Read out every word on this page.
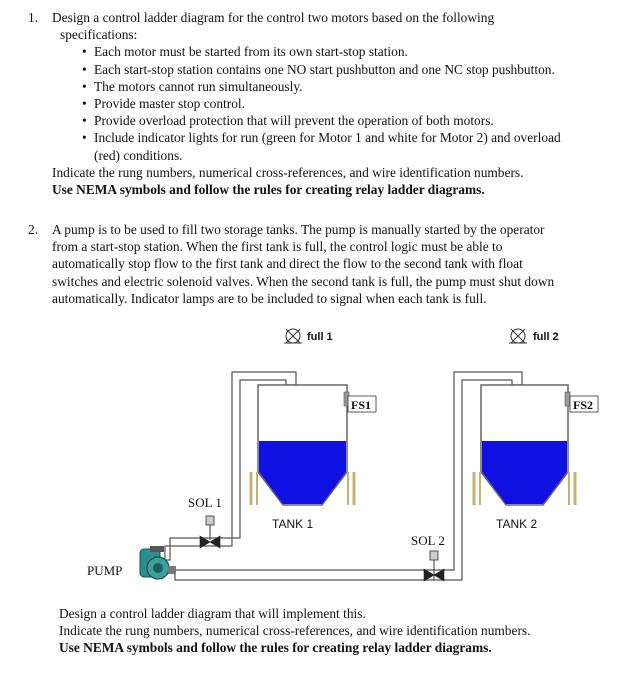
1. Design a control ladder diagram for the control two motors based on the following
specifications:
• Each motor must be started from its own start-stop station.
• Each start-stop station contains one NO start pushbutton and one NC stop pushbutton.
• The motors cannot run simultaneously.
• Provide master stop control.
• Provide overload protection that will prevent the operation of both motors.
• Include indicator lights for run (green for Motor 1 and white for Motor 2) and overload
(red) conditions.
Indicate the rung numbers, numerical cross-references, and wire identification numbers.
Use NEMA symbols and follow the rules for creating relay ladder diagrams.
2. A pump is to be used to fill two storage tanks. The pump is manually started by the operator
from a start-stop station. When the first tank is full, the control logic must be able to
automatically stop flow to the first tank and direct the flow to the second tank with float
switches and electric solenoid valves. When the second tank is full, the pump must shut down
automatically. Indicator lamps are to be included to signal when each tank is full.
full 1	full 2
FS1	FS2
SOL 1
TANK 1
SOL 2
TANK 2
PUMP
Design a control ladder diagram that will implement this.
Indicate the rung numbers, numerical cross-references, and wire identification numbers.
Use NEMA symbols and follow the rules for creating relay ladder diagrams.
